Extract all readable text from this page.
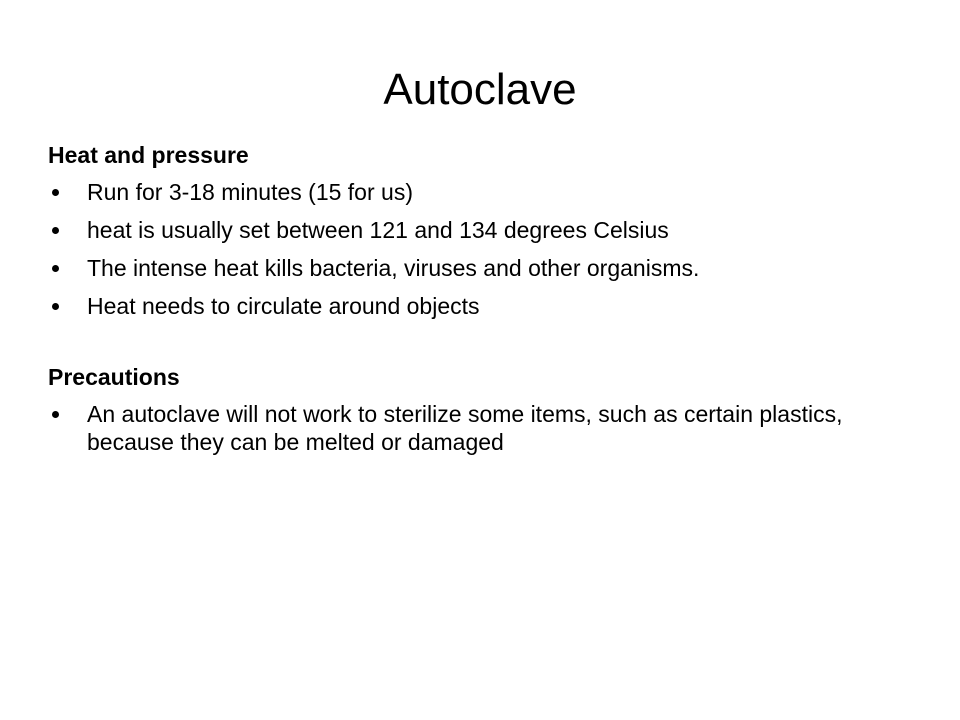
Autoclave
Heat and pressure
Run for 3-18 minutes (15 for us)
heat is usually set between 121 and 134 degrees Celsius
The intense heat kills bacteria, viruses and other organisms.
Heat needs to circulate around objects
Precautions
An autoclave will not work to sterilize some items, such as certain plastics, because they can be melted or damaged
